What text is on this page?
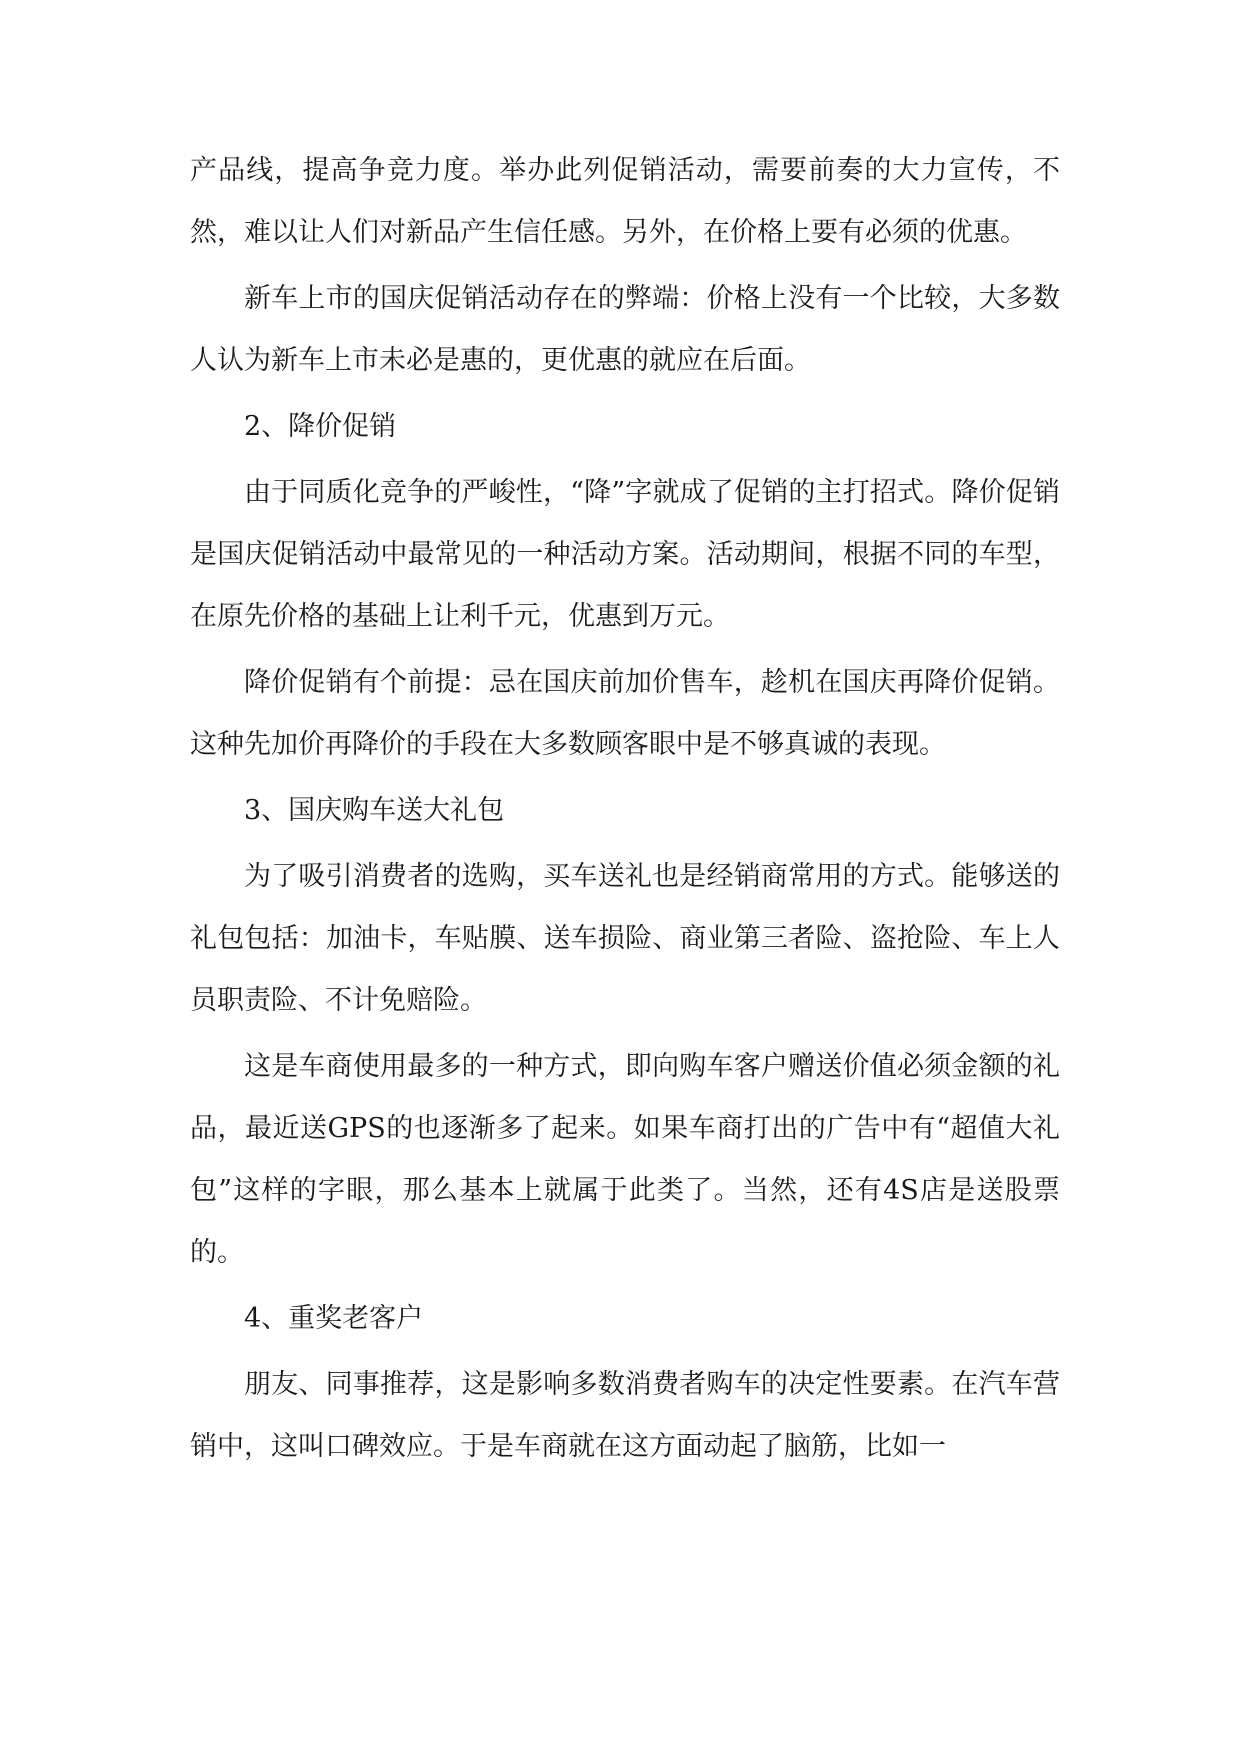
产品线，提高争竞力度。举办此列促销活动，需要前奏的大力宣传，不然，难以让人们对新品产生信任感。另外，在价格上要有必须的优惠。

新车上市的国庆促销活动存在的弊端：价格上没有一个比较，大多数人认为新车上市未必是惠的，更优惠的就应在后面。

2、降价促销

由于同质化竞争的严峻性，“降”字就成了促销的主打招式。降价促销是国庆促销活动中最常见的一种活动方案。活动期间，根据不同的车型，在原先价格的基础上让利千元，优惠到万元。

降价促销有个前提：忌在国庆前加价售车，趁机在国庆再降价促销。这种先加价再降价的手段在大多数顾客眼中是不够真诚的表现。

3、国庆购车送大礼包

为了吸引消费者的选购，买车送礼也是经销商常用的方式。能够送的礼包包括：加油卡，车贴膜、送车损险、商业第三者险、盗抢险、车上人员职责险、不计免赔险。

这是车商使用最多的一种方式，即向购车客户赠送价值必须金额的礼品，最近送GPS的也逐渐多了起来。如果车商打出的广告中有“超值大礼包”这样的字眼，那么基本上就属于此类了。当然，还有4S店是送股票的。

4、重奖老客户

朋友、同事推荐，这是影响多数消费者购车的决定性要素。在汽车营销中，这叫口碑效应。于是车商就在这方面动起了脑筋，比如一
